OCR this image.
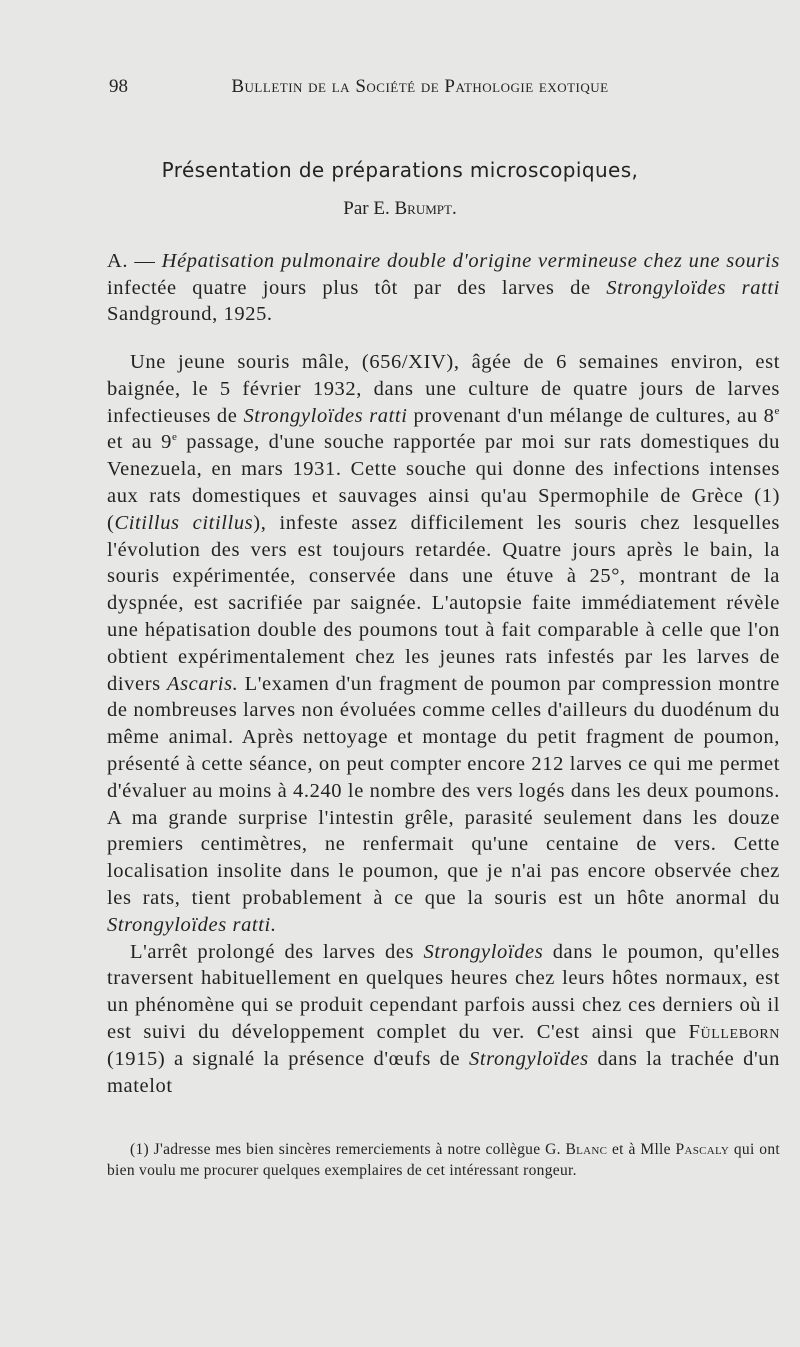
98	Bulletin de la Société de Pathologie exotique
Présentation de préparations microscopiques,
Par E. Brumpt.

A. — Hépatisation pulmonaire double d'origine vermineuse chez une souris infectée quatre jours plus tôt par des larves de Strongyloïdes ratti Sandground, 1925.

Une jeune souris mâle, (656/XIV), âgée de 6 semaines environ, est baignée, le 5 février 1932, dans une culture de quatre jours de larves infectieuses de Strongyloïdes ratti provenant d'un mélange de cultures, au 8e et au 9e passage, d'une souche rapportée par moi sur rats domestiques du Venezuela, en mars 1931. Cette souche qui donne des infections intenses aux rats domestiques et sauvages ainsi qu'au Spermophile de Grèce (1) (Citillus citillus), infeste assez difficilement les souris chez lesquelles l'évolution des vers est toujours retardée. Quatre jours après le bain, la souris expérimentée, conservée dans une étuve à 25°, montrant de la dyspnée, est sacrifiée par saignée. L'autopsie faite immédiatement révèle une hépatisation double des poumons tout à fait comparable à celle que l'on obtient expérimentalement chez les jeunes rats infestés par les larves de divers Ascaris. L'examen d'un fragment de poumon par compression montre de nombreuses larves non évoluées comme celles d'ailleurs du duodénum du même animal. Après nettoyage et montage du petit fragment de poumon, présenté à cette séance, on peut compter encore 212 larves ce qui me permet d'évaluer au moins à 4.240 le nombre des vers logés dans les deux poumons. A ma grande surprise l'intestin grêle, parasité seulement dans les douze premiers centimètres, ne renfermait qu'une centaine de vers. Cette localisation insolite dans le poumon, que je n'ai pas encore observée chez les rats, tient probablement à ce que la souris est un hôte anormal du Strongyloïdes ratti.

L'arrêt prolongé des larves des Strongyloïdes dans le poumon, qu'elles traversent habituellement en quelques heures chez leurs hôtes normaux, est un phénomène qui se produit cependant parfois aussi chez ces derniers où il est suivi du développement complet du ver. C'est ainsi que Fülleborn (1915) a signalé la présence d'œufs de Strongyloïdes dans la trachée d'un matelot

(1) J'adresse mes bien sincères remerciements à notre collègue G. Blanc et à Mlle Pascaly qui ont bien voulu me procurer quelques exemplaires de cet intéressant rongeur.
